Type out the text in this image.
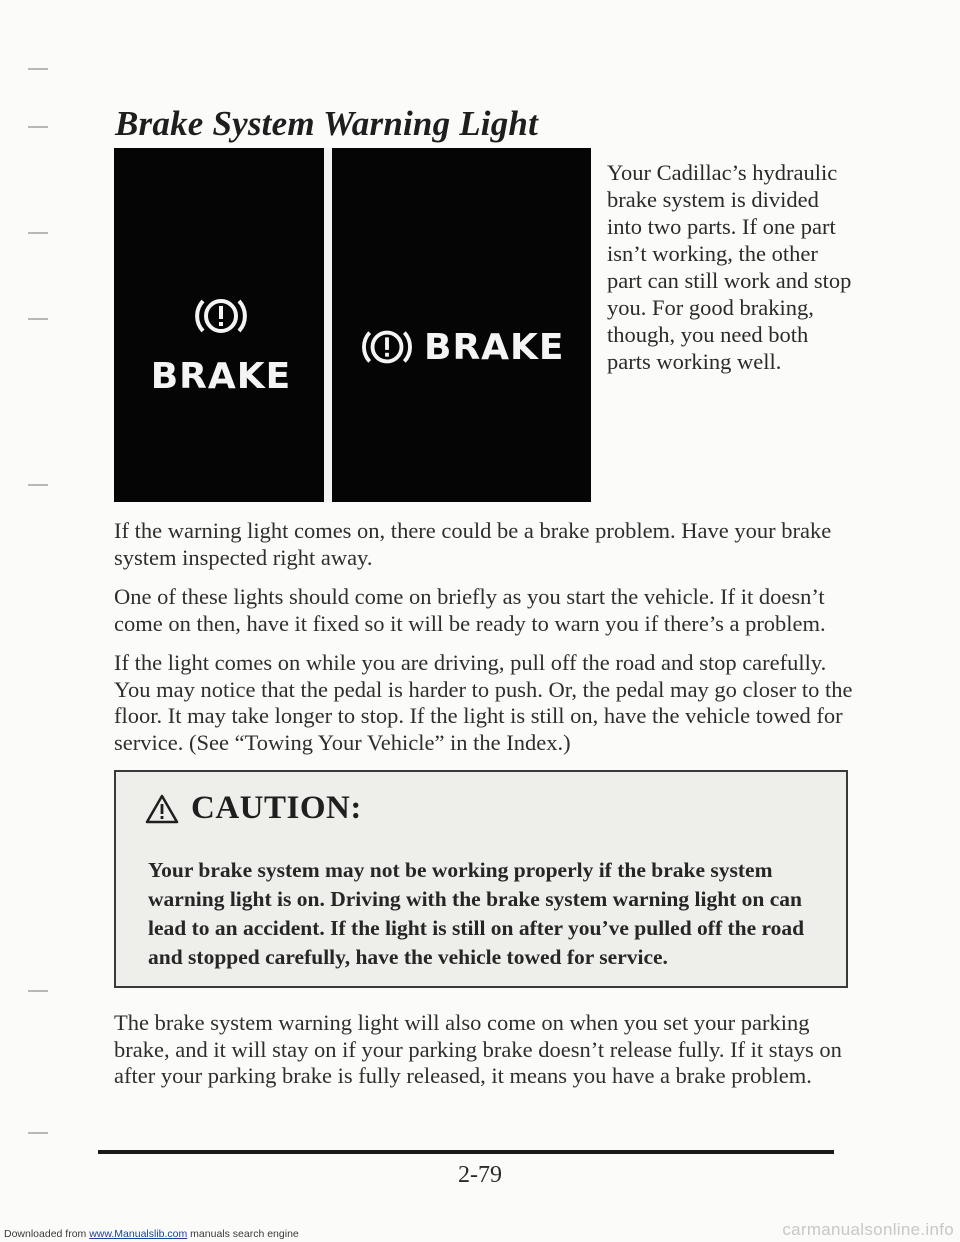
Brake System Warning Light
BRAKE
BRAKE

Your Cadillac’s hydraulic brake system is divided into two parts. If one part isn’t working, the other part can still work and stop you. For good braking, though, you need both parts working well.

If the warning light comes on, there could be a brake problem. Have your brake system inspected right away.

One of these lights should come on briefly as you start the vehicle. If it doesn’t come on then, have it fixed so it will be ready to warn you if there’s a problem.

If the light comes on while you are driving, pull off the road and stop carefully. You may notice that the pedal is harder to push. Or, the pedal may go closer to the floor. It may take longer to stop. If the light is still on, have the vehicle towed for service. (See “Towing Your Vehicle” in the Index.)

CAUTION:

Your brake system may not be working properly if the brake system warning light is on. Driving with the brake system warning light on can lead to an accident. If the light is still on after you’ve pulled off the road and stopped carefully, have the vehicle towed for service.

The brake system warning light will also come on when you set your parking brake, and it will stay on if your parking brake doesn’t release fully. If it stays on after your parking brake is fully released, it means you have a brake problem.

2-79
Downloaded from www.Manualslib.com manuals search engine	carmanualsonline.info
